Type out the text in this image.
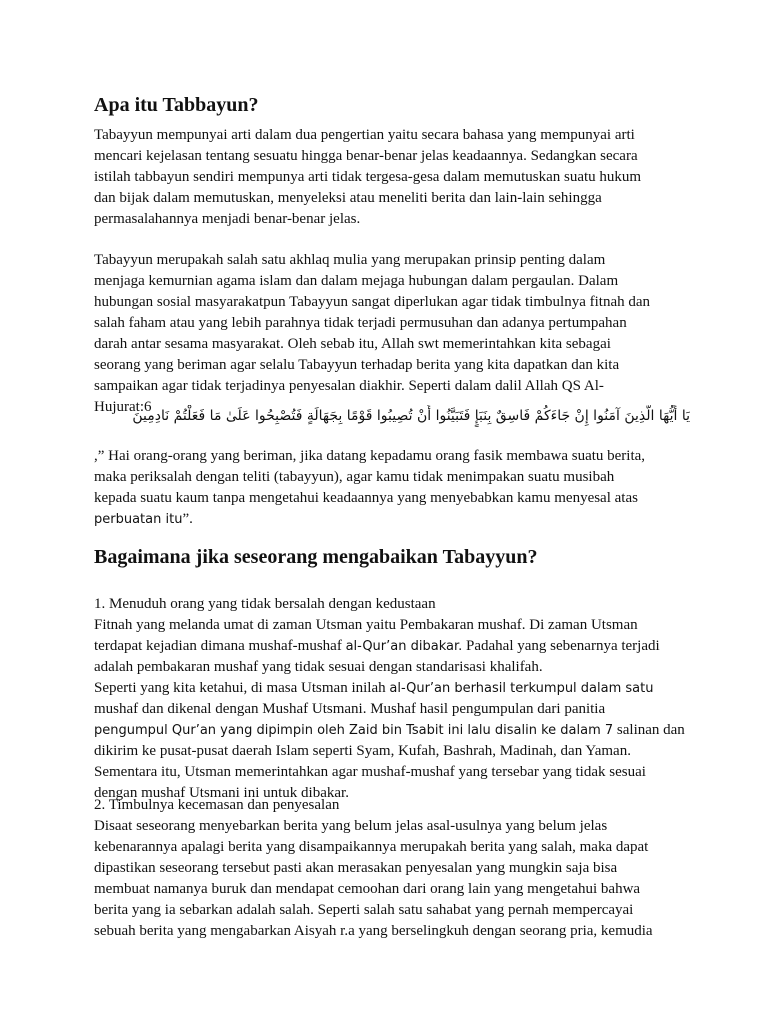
Apa itu Tabbayun?

Tabayyun mempunyai arti dalam dua pengertian yaitu secara bahasa yang mempunyai arti
mencari kejelasan tentang sesuatu hingga benar-benar jelas keadaannya. Sedangkan secara
istilah tabbayun sendiri mempunya arti tidak tergesa-gesa dalam memutuskan suatu hukum
dan bijak dalam memutuskan, menyeleksi atau meneliti berita dan lain-lain sehingga
permasalahannya menjadi benar-benar jelas.

Tabayyun merupakah salah satu akhlaq mulia yang merupakan prinsip penting dalam
menjaga kemurnian agama islam dan dalam mejaga hubungan dalam pergaulan. Dalam
hubungan sosial masyarakatpun Tabayyun sangat diperlukan agar tidak timbulnya fitnah dan
salah faham atau yang lebih parahnya tidak terjadi permusuhan dan adanya pertumpahan
darah antar sesama masyarakat. Oleh sebab itu, Allah swt memerintahkan kita sebagai
seorang yang beriman agar selalu Tabayyun terhadap berita yang kita dapatkan dan kita
sampaikan agar tidak terjadinya penyesalan diakhir. Seperti dalam dalil Allah QS Al-
Hujurat:6

يَا أَيُّهَا الَّذِينَ آمَنُوا إِنْ جَاءَكُمْ فَاسِقٌ بِنَبَإٍ فَتَبَيَّنُوا أَنْ تُصِيبُوا قَوْمًا بِجَهَالَةٍ فَتُصْبِحُوا عَلَىٰ مَا فَعَلْتُمْ نَادِمِينَ

,” Hai orang-orang yang beriman, jika datang kepadamu orang fasik membawa suatu berita,
maka periksalah dengan teliti (tabayyun), agar kamu tidak menimpakan suatu musibah
kepada suatu kaum tanpa mengetahui keadaannya yang menyebabkan kamu menyesal atas
perbuatan itu”.

Bagaimana jika seseorang mengabaikan Tabayyun?

1. Menuduh orang yang tidak bersalah dengan kedustaan
Fitnah yang melanda umat di zaman Utsman yaitu Pembakaran mushaf. Di zaman Utsman
terdapat kejadian dimana mushaf-mushaf al-Qur’an dibakar. Padahal yang sebenarnya terjadi
adalah pembakaran mushaf yang tidak sesuai dengan standarisasi khalifah.
Seperti yang kita ketahui, di masa Utsman inilah al-Qur’an berhasil terkumpul dalam satu
mushaf dan dikenal dengan Mushaf Utsmani. Mushaf hasil pengumpulan dari panitia
pengumpul Qur’an yang dipimpin oleh Zaid bin Tsabit ini lalu disalin ke dalam 7 salinan dan
dikirim ke pusat-pusat daerah Islam seperti Syam, Kufah, Bashrah, Madinah, dan Yaman.
Sementara itu, Utsman memerintahkan agar mushaf-mushaf yang tersebar yang tidak sesuai
dengan mushaf Utsmani ini untuk dibakar.

2. Timbulnya kecemasan dan penyesalan
Disaat seseorang menyebarkan berita yang belum jelas asal-usulnya yang belum jelas
kebenarannya apalagi berita yang disampaikannya merupakah berita yang salah, maka dapat
dipastikan seseorang tersebut pasti akan merasakan penyesalan yang mungkin saja bisa
membuat namanya buruk dan mendapat cemoohan dari orang lain yang mengetahui bahwa
berita yang ia sebarkan adalah salah. Seperti salah satu sahabat yang pernah mempercayai
sebuah berita yang mengabarkan Aisyah r.a yang berselingkuh dengan seorang pria, kemudia
